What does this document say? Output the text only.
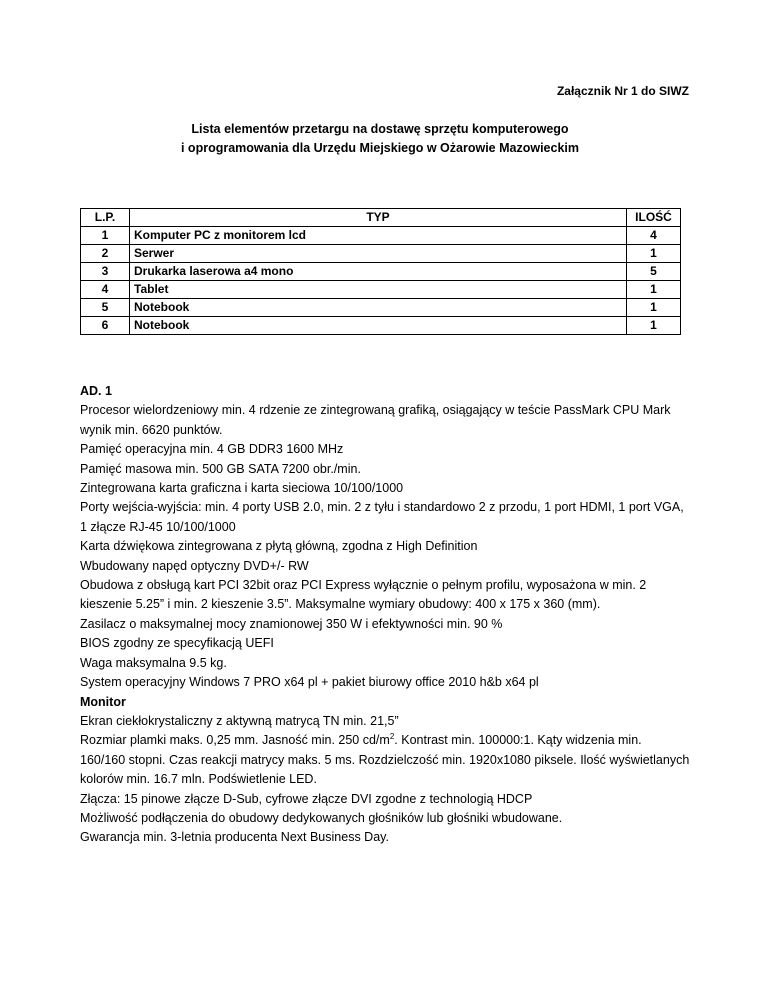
Załącznik Nr 1 do SIWZ
Lista elementów przetargu na dostawę sprzętu komputerowego
i oprogramowania dla Urzędu Miejskiego w Ożarowie Mazowieckim
L.P.	TYP	ILOŚĆ
1	Komputer PC z monitorem lcd	4
2	Serwer	1
3	Drukarka laserowa a4 mono	5
4	Tablet	1
5	Notebook	1
6	Notebook	1

AD. 1

Procesor wielordzeniowy min. 4 rdzenie ze zintegrowaną grafiką, osiągający w teście PassMark CPU Mark wynik min. 6620 punktów.

Pamięć operacyjna min. 4 GB DDR3 1600 MHz

Pamięć masowa min. 500 GB SATA 7200 obr./min.

Zintegrowana karta graficzna i karta sieciowa 10/100/1000

Porty wejścia-wyjścia: min. 4 porty USB 2.0, min. 2 z tyłu i standardowo 2 z przodu, 1 port HDMI, 1 port VGA, 1 złącze RJ-45 10/100/1000

Karta dźwiękowa zintegrowana z płytą główną, zgodna z High Definition

Wbudowany napęd optyczny DVD+/- RW

Obudowa z obsługą kart PCI 32bit oraz PCI Express wyłącznie o pełnym profilu, wyposażona w min. 2 kieszenie 5.25” i min. 2 kieszenie 3.5”. Maksymalne wymiary obudowy: 400 x 175 x 360 (mm).

Zasilacz o maksymalnej mocy znamionowej 350 W i efektywności min. 90 %

BIOS zgodny ze specyfikacją UEFI

Waga maksymalna 9.5 kg.

System operacyjny Windows 7 PRO x64 pl + pakiet biurowy office 2010 h&b x64 pl

Monitor

Ekran ciekłokrystaliczny z aktywną matrycą TN min. 21,5”

Rozmiar plamki maks. 0,25 mm. Jasność min. 250 $cd/m^2$. Kontrast min. 100000:1. Kąty widzenia min. 160/160 stopni. Czas reakcji matrycy maks. 5 ms. Rozdzielczość min. 1920x1080 piksele. Ilość wyświetlanych kolorów min. 16.7 mln. Podświetlenie LED.

Złącza: 15 pinowe złącze D-Sub, cyfrowe złącze DVI zgodne z technologią HDCP

Możliwość podłączenia do obudowy dedykowanych głośników lub głośniki wbudowane.

Gwarancja min. 3-letnia producenta Next Business Day.
